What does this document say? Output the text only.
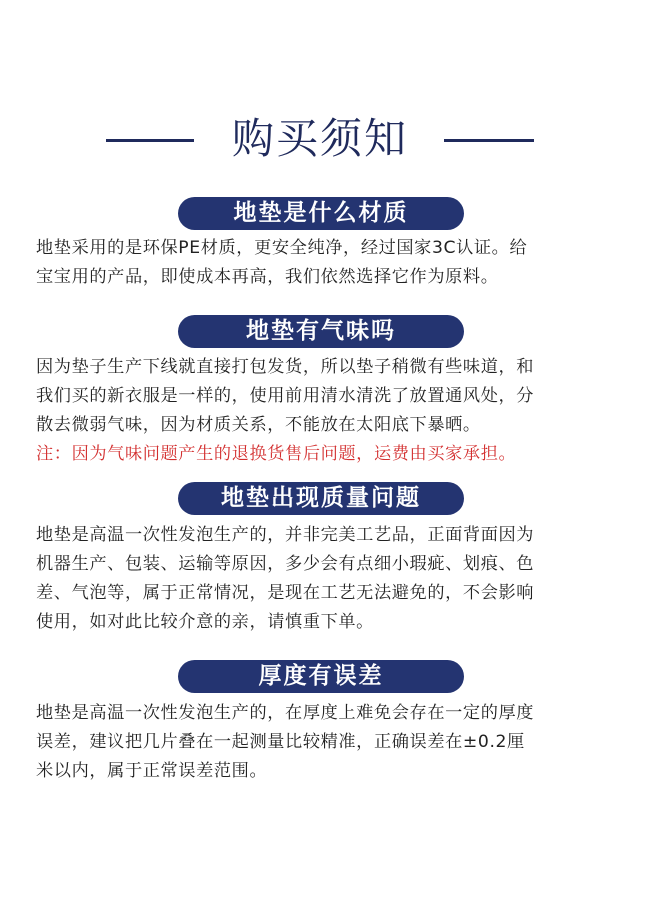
购买须知
地垫是什么材质

地垫采用的是环保PE材质，更安全纯净，经过国家3C认证。给

宝宝用的产品，即使成本再高，我们依然选择它作为原料。

地垫有气味吗

因为垫子生产下线就直接打包发货，所以垫子稍微有些味道，和

我们买的新衣服是一样的，使用前用清水清洗了放置通风处，分

散去微弱气味，因为材质关系，不能放在太阳底下暴晒。

注：因为气味问题产生的退换货售后问题，运费由买家承担。

地垫出现质量问题

地垫是高温一次性发泡生产的，并非完美工艺品，正面背面因为

机器生产、包装、运输等原因，多少会有点细小瑕疵、划痕、色

差、气泡等，属于正常情况，是现在工艺无法避免的，不会影响

使用，如对此比较介意的亲，请慎重下单。

厚度有误差

地垫是高温一次性发泡生产的，在厚度上难免会存在一定的厚度

误差，建议把几片叠在一起测量比较精准，正确误差在±0.2厘

米以内，属于正常误差范围。
